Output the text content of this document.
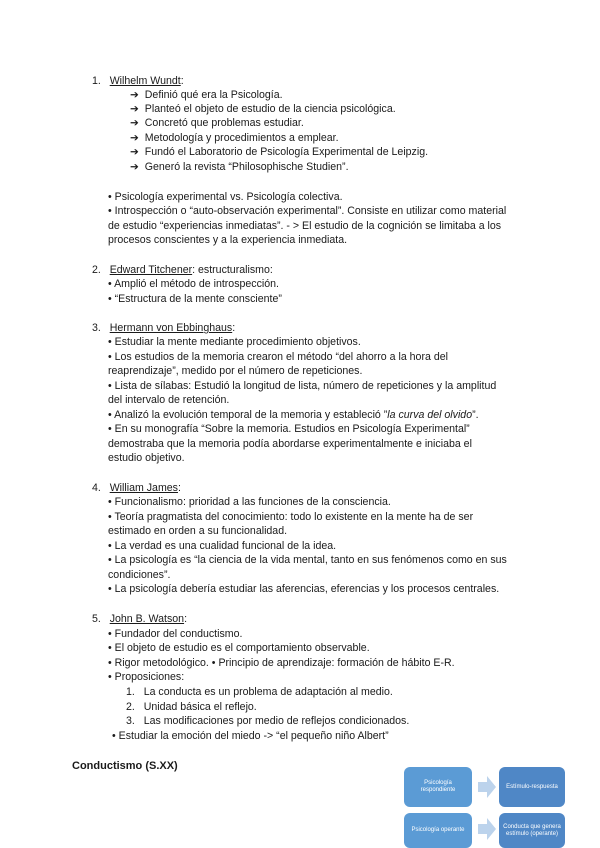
1. Wilhelm Wundt:
➔ Definió qué era la Psicología.
➔ Planteó el objeto de estudio de la ciencia psicológica.
➔ Concretó que problemas estudiar.
➔ Metodología y procedimientos a emplear.
➔ Fundó el Laboratorio de Psicología Experimental de Leipzig.
➔ Generó la revista “Philosophische Studien”.
• Psicología experimental vs. Psicología colectiva.
• Introspección o “auto-observación experimental”. Consiste en utilizar como material
de estudio “experiencias inmediatas”. - > El estudio de la cognición se limitaba a los
procesos conscientes y a la experiencia inmediata.
2. Edward Titchener: estructuralismo:
• Amplió el método de introspección.
• “Estructura de la mente consciente”
3. Hermann von Ebbinghaus:
• Estudiar la mente mediante procedimiento objetivos.
• Los estudios de la memoria crearon el método “del ahorro a la hora del
reaprendizaje”, medido por el número de repeticiones.
• Lista de sílabas: Estudió la longitud de lista, número de repeticiones y la amplitud
del intervalo de retención.
• Analizó la evolución temporal de la memoria y estableció ”la curva del olvido”.
• En su monografía “Sobre la memoria. Estudios en Psicología Experimental”
demostraba que la memoria podía abordarse experimentalmente e iniciaba el
estudio objetivo.
4. William James:
• Funcionalismo: prioridad a las funciones de la consciencia.
• Teoría pragmatista del conocimiento: todo lo existente en la mente ha de ser
estimado en orden a su funcionalidad.
• La verdad es una cualidad funcional de la idea.
• La psicología es “la ciencia de la vida mental, tanto en sus fenómenos como en sus
condiciones”.
• La psicología debería estudiar las aferencias, eferencias y los procesos centrales.
5. John B. Watson:
• Fundador del conductismo.
• El objeto de estudio es el comportamiento observable.
• Rigor metodológico. • Principio de aprendizaje: formación de hábito E-R.
• Proposiciones:
1. La conducta es un problema de adaptación al medio.
2. Unidad básica el reflejo.
3. Las modificaciones por medio de reflejos condicionados.
• Estudiar la emoción del miedo -> “el pequeño niño Albert”
Conductismo (S.XX)
Psicología respondiente
Estímulo-respuesta
Psicología operante
Conducta que genera estímulo (operante)
